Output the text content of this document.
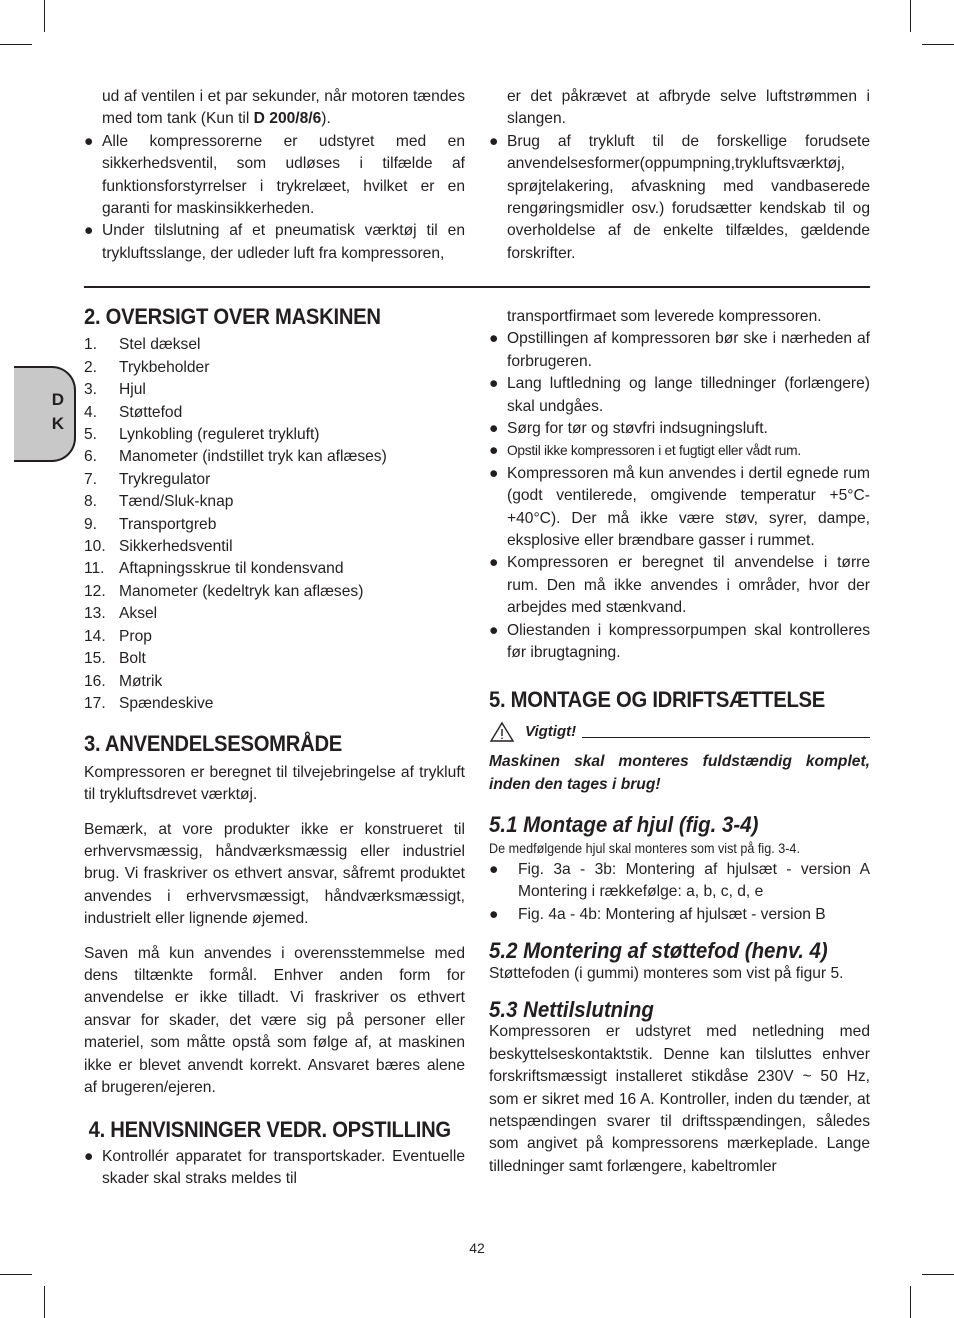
D
K

ud af ventilen i et par sekunder, når motoren tændes med tom tank (Kun til D 200/8/6).

● Alle kompressorerne er udstyret med en sikkerhedsventil, som udløses i tilfælde af funktionsforstyrrelser i trykrelæet, hvilket er en garanti for maskinsikkerheden.
● Under tilslutning af et pneumatisk værktøj til en trykluftsslange, der udleder luft fra kompressoren,

er det påkrævet at afbryde selve luftstrømmen i slangen.

● Brug af trykluft til de forskellige forudsete anvendelsesformer(oppumpning,trykluftsværktøj, sprøjtelakering, afvaskning med vandbaserede rengøringsmidler osv.) forudsætter kendskab til og overholdelse af de enkelte tilfældes, gældende forskrifter.
2. OVERSIGT OVER MASKINEN
1.	Stel dæksel
2.	Trykbeholder
3.	Hjul
4.	Støttefod
5.	Lynkobling (reguleret trykluft)
6.	Manometer (indstillet tryk kan aflæses)
7.	Trykregulator
8.	Tænd/Sluk-knap
9.	Transportgreb
10. Sikkerhedsventil
11. Aftapningsskrue til kondensvand
12. Manometer (kedeltryk kan aflæses)
13. Aksel
14. Prop
15. Bolt
16. Møtrik
17. Spændeskive
3. ANVENDELSESOMRÅDE

Kompressoren er beregnet til tilvejebringelse af trykluft til trykluftsdrevet værktøj.

Bemærk, at vore produkter ikke er konstrueret til erhvervsmæssig, håndværksmæssig eller industriel brug. Vi fraskriver os ethvert ansvar, såfremt produktet anvendes i erhvervsmæssigt, håndværksmæssigt, industrielt eller lignende øjemed.

Saven må kun anvendes i overensstemmelse med dens tiltænkte formål. Enhver anden form for anvendelse er ikke tilladt. Vi fraskriver os ethvert ansvar for skader, det være sig på personer eller materiel, som måtte opstå som følge af, at maskinen ikke er blevet anvendt korrekt. Ansvaret bæres alene af brugeren/ejeren.

4. HENVISNINGER VEDR. OPSTILLING
● Kontrollér apparatet for transportskader. Eventuelle skader skal straks meldes til

transportfirmaet som leverede kompressoren.

● Opstillingen af kompressoren bør ske i nærheden af forbrugeren.
● Lang luftledning og lange tilledninger (forlængere) skal undgåes.
● Sørg for tør og støvfri indsugningsluft.
● Opstil ikke kompressoren i et fugtigt eller vådt rum.
● Kompressoren må kun anvendes i dertil egnede rum (godt ventilerede, omgivende temperatur +5°C- +40°C). Der må ikke være støv, syrer, dampe, eksplosive eller brændbare gasser i rummet.
● Kompressoren er beregnet til anvendelse i tørre rum. Den må ikke anvendes i områder, hvor der arbejdes med stænkvand.
● Oliestanden i kompressorpumpen skal kontrolleres før ibrugtagning.
5. MONTAGE OG IDRIFTSÆTTELSE
Vigtigt!

Maskinen skal monteres fuldstændig komplet, inden den tages i brug!

5.1 Montage af hjul (fig. 3-4)

De medfølgende hjul skal monteres som vist på fig. 3-4.

● Fig. 3a - 3b: Montering af hjulsæt - version A Montering i rækkefølge: a, b, c, d, e
● Fig. 4a - 4b: Montering af hjulsæt - version B
5.2 Montering af støttefod (henv. 4)

Støttefoden (i gummi) monteres som vist på figur 5.

5.3 Nettilslutning

Kompressoren er udstyret med netledning med beskyttelseskontaktstik. Denne kan tilsluttes enhver forskriftsmæssigt installeret stikdåse 230V ~ 50 Hz, som er sikret med 16 A. Kontroller, inden du tænder, at netspændingen svarer til driftsspændingen, således som angivet på kompressorens mærkeplade. Lange tilledninger samt forlængere, kabeltromler

42
